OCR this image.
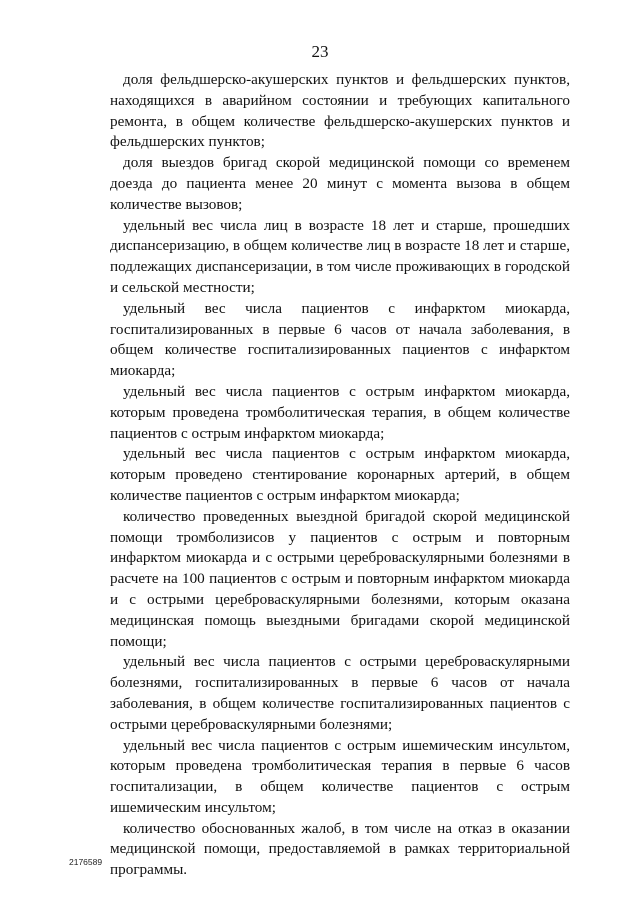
23

доля фельдшерско-акушерских пунктов и фельдшерских пунктов, находящихся в аварийном состоянии и требующих капитального ремонта, в общем количестве фельдшерско-акушерских пунктов и фельдшерских пунктов;

доля выездов бригад скорой медицинской помощи со временем доезда до пациента менее 20 минут с момента вызова в общем количестве вызовов;

удельный вес числа лиц в возрасте 18 лет и старше, прошедших диспансеризацию, в общем количестве лиц в возрасте 18 лет и старше, подлежащих диспансеризации, в том числе проживающих в городской и сельской местности;

удельный вес числа пациентов с инфарктом миокарда, госпитализированных в первые 6 часов от начала заболевания, в общем количестве госпитализированных пациентов с инфарктом миокарда;

удельный вес числа пациентов с острым инфарктом миокарда, которым проведена тромболитическая терапия, в общем количестве пациентов с острым инфарктом миокарда;

удельный вес числа пациентов с острым инфарктом миокарда, которым проведено стентирование коронарных артерий, в общем количестве пациентов с острым инфарктом миокарда;

количество проведенных выездной бригадой скорой медицинской помощи тромболизисов у пациентов с острым и повторным инфарктом миокарда и с острыми цереброваскулярными болезнями в расчете на 100 пациентов с острым и повторным инфарктом миокарда и с острыми цереброваскулярными болезнями, которым оказана медицинская помощь выездными бригадами скорой медицинской помощи;

удельный вес числа пациентов с острыми цереброваскулярными болезнями, госпитализированных в первые 6 часов от начала заболевания, в общем количестве госпитализированных пациентов с острыми цереброваскулярными болезнями;

удельный вес числа пациентов с острым ишемическим инсультом, которым проведена тромболитическая терапия в первые 6 часов госпитализации, в общем количестве пациентов с острым ишемическим инсультом;

количество обоснованных жалоб, в том числе на отказ в оказании медицинской помощи, предоставляемой в рамках территориальной программы.

2176589
